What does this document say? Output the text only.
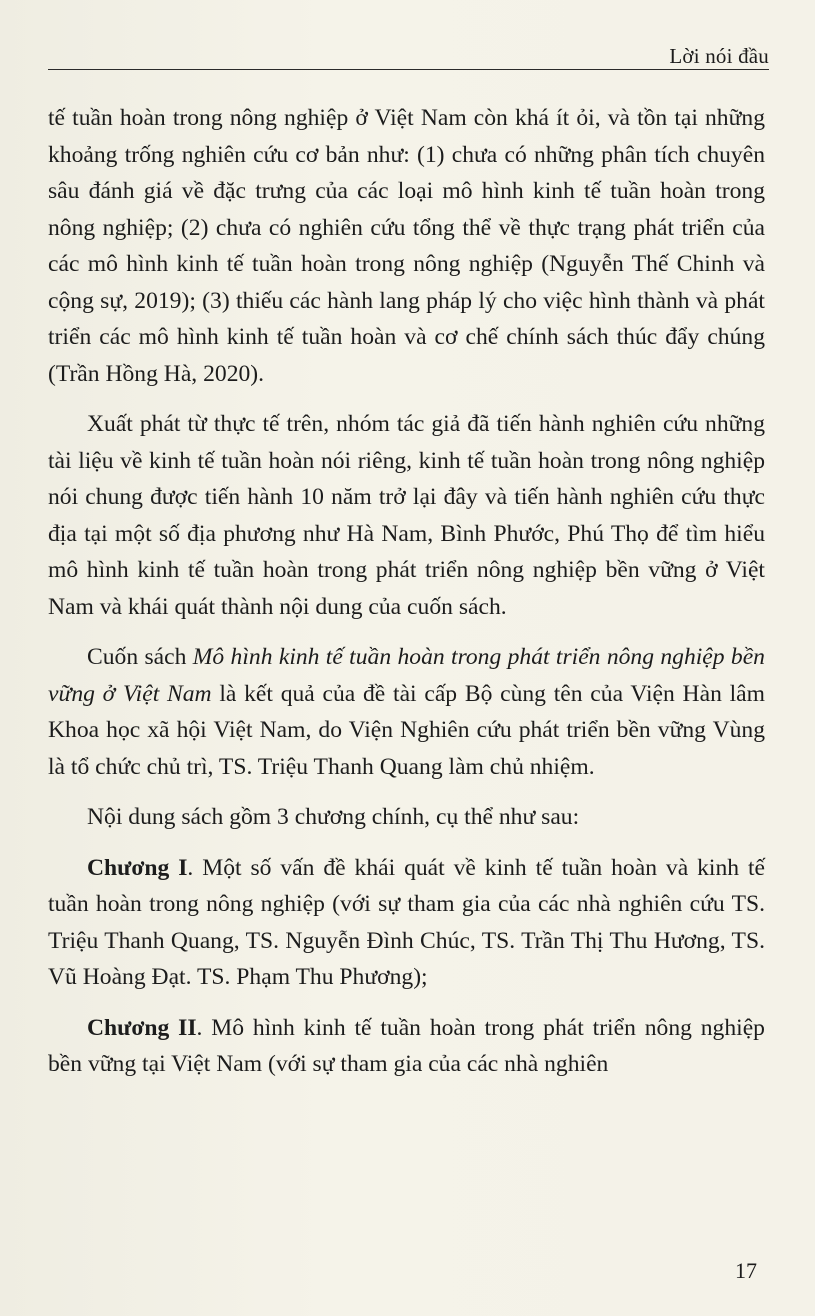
Lời nói đầu

tế tuần hoàn trong nông nghiệp ở Việt Nam còn khá ít ỏi, và tồn tại những khoảng trống nghiên cứu cơ bản như: (1) chưa có những phân tích chuyên sâu đánh giá về đặc trưng của các loại mô hình kinh tế tuần hoàn trong nông nghiệp; (2) chưa có nghiên cứu tổng thể về thực trạng phát triển của các mô hình kinh tế tuần hoàn trong nông nghiệp (Nguyễn Thế Chinh và cộng sự, 2019); (3) thiếu các hành lang pháp lý cho việc hình thành và phát triển các mô hình kinh tế tuần hoàn và cơ chế chính sách thúc đẩy chúng (Trần Hồng Hà, 2020).

Xuất phát từ thực tế trên, nhóm tác giả đã tiến hành nghiên cứu những tài liệu về kinh tế tuần hoàn nói riêng, kinh tế tuần hoàn trong nông nghiệp nói chung được tiến hành 10 năm trở lại đây và tiến hành nghiên cứu thực địa tại một số địa phương như Hà Nam, Bình Phước, Phú Thọ để tìm hiểu mô hình kinh tế tuần hoàn trong phát triển nông nghiệp bền vững ở Việt Nam và khái quát thành nội dung của cuốn sách.

Cuốn sách Mô hình kinh tế tuần hoàn trong phát triển nông nghiệp bền vững ở Việt Nam là kết quả của đề tài cấp Bộ cùng tên của Viện Hàn lâm Khoa học xã hội Việt Nam, do Viện Nghiên cứu phát triển bền vững Vùng là tổ chức chủ trì, TS. Triệu Thanh Quang làm chủ nhiệm.

Nội dung sách gồm 3 chương chính, cụ thể như sau:

Chương I. Một số vấn đề khái quát về kinh tế tuần hoàn và kinh tế tuần hoàn trong nông nghiệp (với sự tham gia của các nhà nghiên cứu TS. Triệu Thanh Quang, TS. Nguyễn Đình Chúc, TS. Trần Thị Thu Hương, TS. Vũ Hoàng Đạt. TS. Phạm Thu Phương);

Chương II. Mô hình kinh tế tuần hoàn trong phát triển nông nghiệp bền vững tại Việt Nam (với sự tham gia của các nhà nghiên

17
